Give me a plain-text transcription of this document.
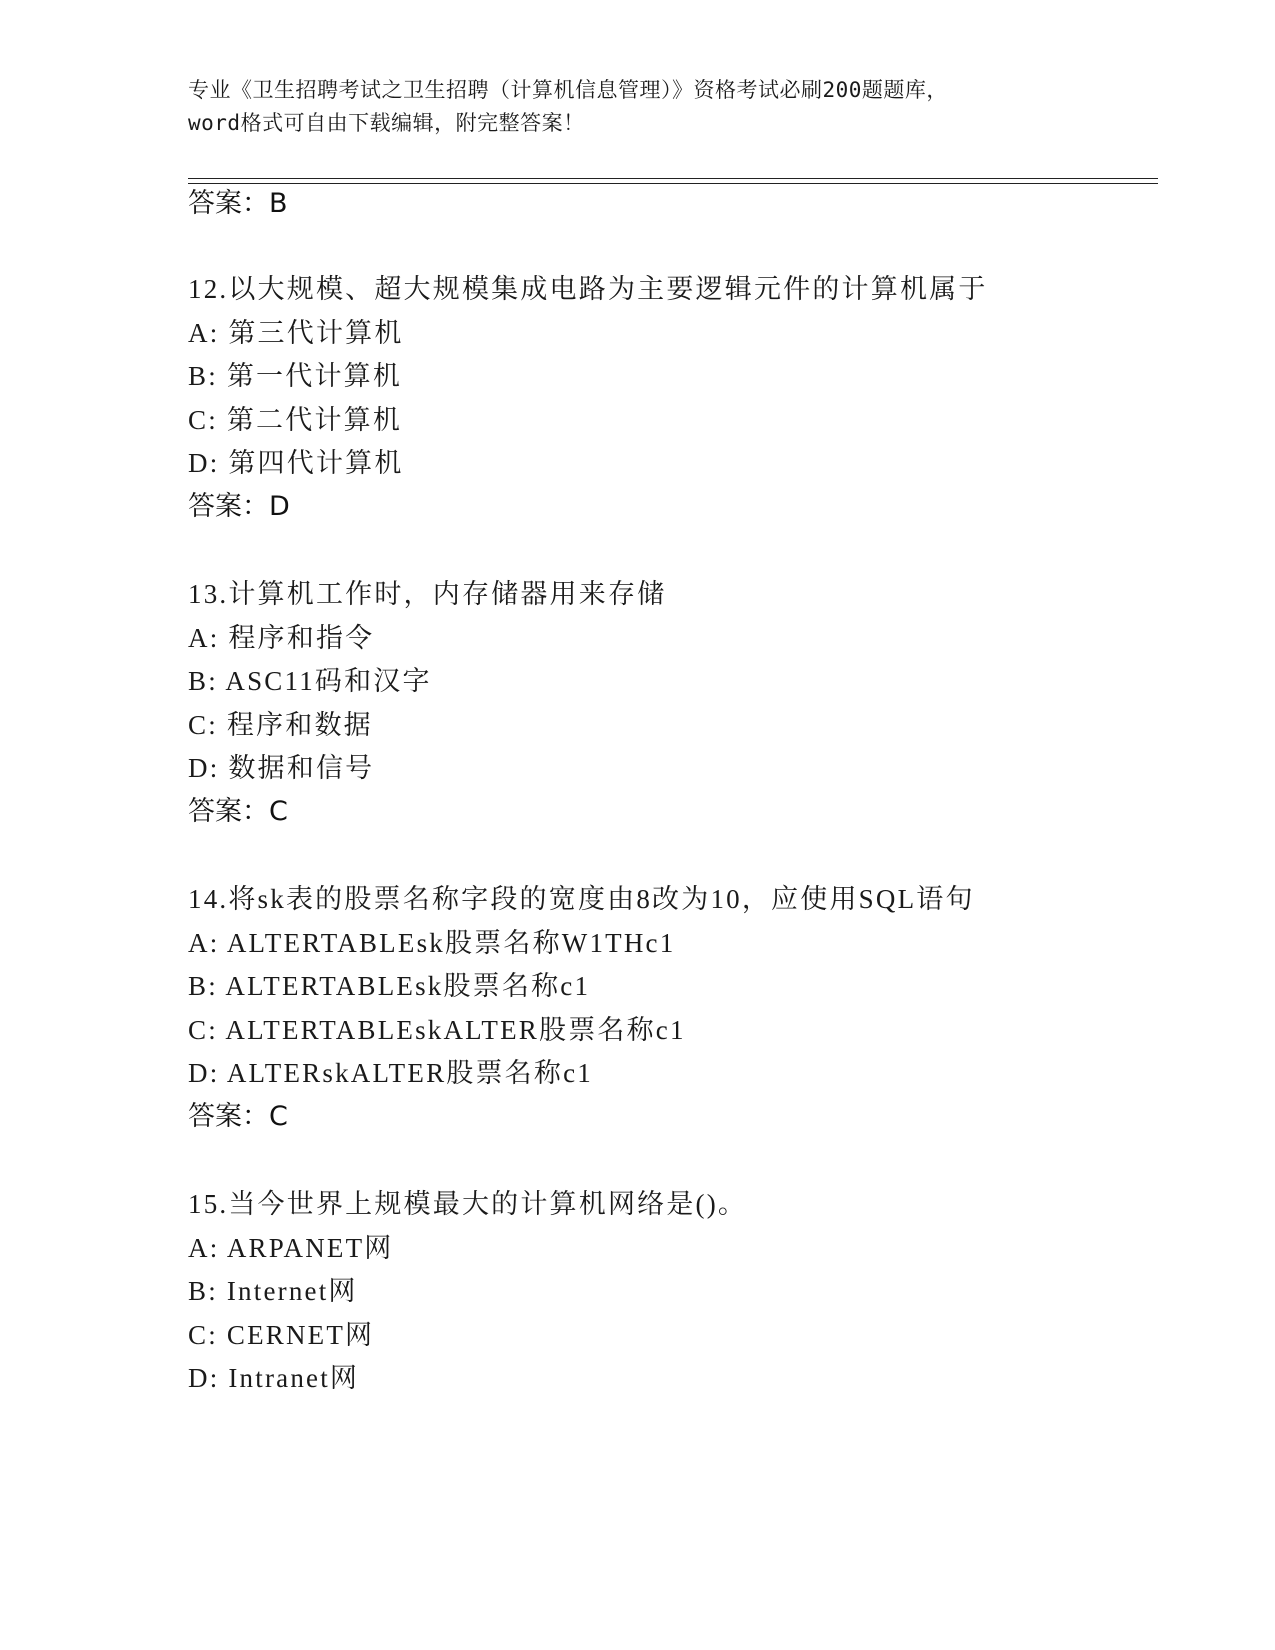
专业《卫生招聘考试之卫生招聘（计算机信息管理）》资格考试必刷200题题库，
word格式可自由下载编辑，附完整答案！
答案：B
12.以大规模、超大规模集成电路为主要逻辑元件的计算机属于
A: 第三代计算机
B: 第一代计算机
C: 第二代计算机
D: 第四代计算机
答案：D
13.计算机工作时，内存储器用来存储
A: 程序和指令
B: ASC11码和汉字
C: 程序和数据
D: 数据和信号
答案：C
14.将sk表的股票名称字段的宽度由8改为10，应使用SQL语句
A: ALTERTABLEsk股票名称W1THc1
B: ALTERTABLEsk股票名称c1
C: ALTERTABLEskALTER股票名称c1
D: ALTERskALTER股票名称c1
答案：C
15.当今世界上规模最大的计算机网络是()。
A: ARPANET网
B: Internet网
C: CERNET网
D: Intranet网
